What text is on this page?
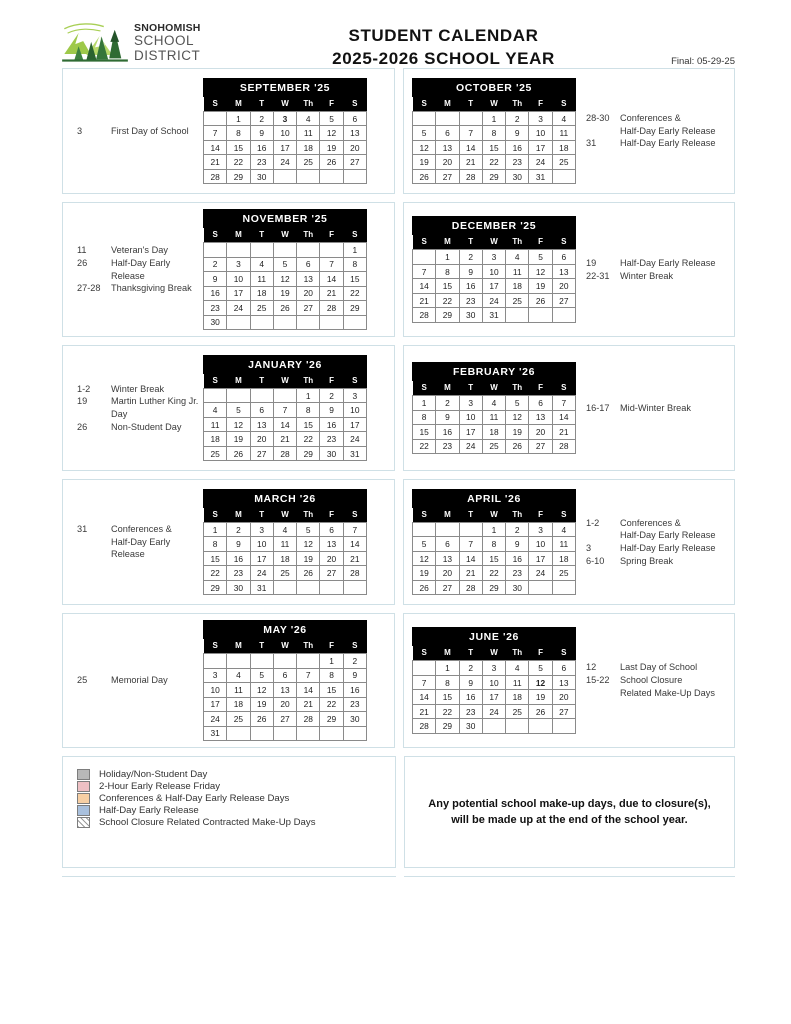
SNOHOMISH
SCHOOL
DISTRICT
STUDENT CALENDAR
2025-2026 SCHOOL YEAR	Final: 05-29-25
3	First Day of School
SEPTEMBER '25
S	M	T	W	Th	F	S
	1	2	3	4	5	6
7	8	9	10	11	12	13
14	15	16	17	18	19	20
21	22	23	24	25	26	27
28	29	30				
OCTOBER '25
S	M	T	W	Th	F	S
			1	2	3	4
5	6	7	8	9	10	11
12	13	14	15	16	17	18
19	20	21	22	23	24	25
26	27	28	29	30	31	
28-30	Conferences &
Half-Day Early Release
31	Half-Day Early Release
11	Veteran's Day
26	Half-Day Early Release
27-28	Thanksgiving Break
NOVEMBER '25
S	M	T	W	Th	F	S
						1
2	3	4	5	6	7	8
9	10	11	12	13	14	15
16	17	18	19	20	21	22
23	24	25	26	27	28	29
30						
DECEMBER '25
S	M	T	W	Th	F	S
	1	2	3	4	5	6
7	8	9	10	11	12	13
14	15	16	17	18	19	20
21	22	23	24	25	26	27
28	29	30	31			
19	Half-Day Early Release
22-31	Winter Break
1-2	Winter Break
19	Martin Luther King Jr. Day
26	Non-Student Day
JANUARY '26
S	M	T	W	Th	F	S
				1	2	3
4	5	6	7	8	9	10
11	12	13	14	15	16	17
18	19	20	21	22	23	24
25	26	27	28	29	30	31
FEBRUARY '26
S	M	T	W	Th	F	S
1	2	3	4	5	6	7
8	9	10	11	12	13	14
15	16	17	18	19	20	21
22	23	24	25	26	27	28
16-17	Mid-Winter Break
31	Conferences &
Half-Day Early Release
MARCH '26
S	M	T	W	Th	F	S
1	2	3	4	5	6	7
8	9	10	11	12	13	14
15	16	17	18	19	20	21
22	23	24	25	26	27	28
29	30	31				
APRIL '26
S	M	T	W	Th	F	S
			1	2	3	4
5	6	7	8	9	10	11
12	13	14	15	16	17	18
19	20	21	22	23	24	25
26	27	28	29	30		
1-2	Conferences &
Half-Day Early Release
3	Half-Day Early Release
6-10	Spring Break
25	Memorial Day
MAY '26
S	M	T	W	Th	F	S
					1	2
3	4	5	6	7	8	9
10	11	12	13	14	15	16
17	18	19	20	21	22	23
24	25	26	27	28	29	30
31						
JUNE '26
S	M	T	W	Th	F	S
	1	2	3	4	5	6
7	8	9	10	11	12	13
14	15	16	17	18	19	20
21	22	23	24	25	26	27
28	29	30				
12	Last Day of School
15-22	School Closure
Related Make-Up Days
Holiday/Non-Student Day
2-Hour Early Release Friday
Conferences & Half-Day Early Release Days
Half-Day Early Release
School Closure Related Contracted Make-Up Days
Any potential school make-up days, due to closure(s), will be made up at the end of the school year.
